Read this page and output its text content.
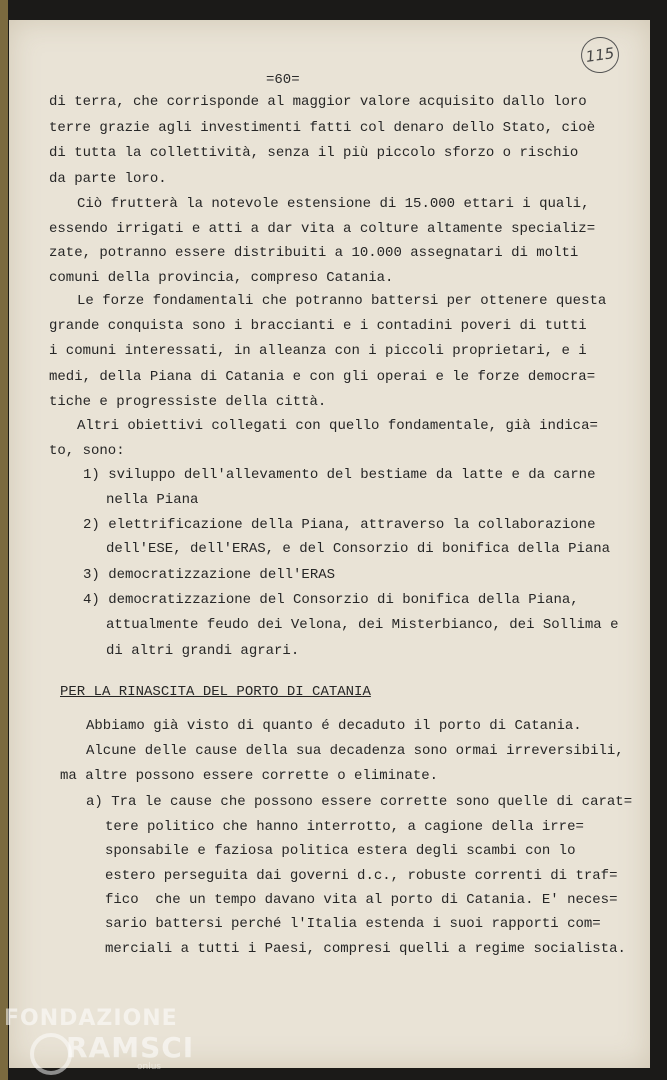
115
=60=
di terra, che corrisponde al maggior valore acquisito dallo loro
terre grazie agli investimenti fatti col denaro dello Stato, cioè
di tutta la collettività, senza il più piccolo sforzo o rischio
da parte loro.
Ciò frutterà la notevole estensione di 15.000 ettari i quali,
essendo irrigati e atti a dar vita a colture altamente specializ=
zate, potranno essere distribuiti a 10.000 assegnatari di molti
comuni della provincia, compreso Catania.
Le forze fondamentali che potranno battersi per ottenere questa
grande conquista sono i braccianti e i contadini poveri di tutti
i comuni interessati, in alleanza con i piccoli proprietari, e i
medi, della Piana di Catania e con gli operai e le forze democra=
tiche e progressiste della città.
Altri obiettivi collegati con quello fondamentale, già indica=
to, sono:
1) sviluppo dell'allevamento del bestiame da latte e da carne
nella Piana
2) elettrificazione della Piana, attraverso la collaborazione
dell'ESE, dell'ERAS, e del Consorzio di bonifica della Piana
3) democratizzazione dell'ERAS
4) democratizzazione del Consorzio di bonifica della Piana,
attualmente feudo dei Velona, dei Misterbianco, dei Sollima e
di altri grandi agrari.
PER LA RINASCITA DEL PORTO DI CATANIA
Abbiamo già visto di quanto é decaduto il porto di Catania.
Alcune delle cause della sua decadenza sono ormai irreversibili,
ma altre possono essere corrette o eliminate.
a) Tra le cause che possono essere corrette sono quelle di carat=
tere politico che hanno interrotto, a cagione della irre=
sponsabile e faziosa politica estera degli scambi con lo
estero perseguita dai governi d.c., robuste correnti di traf=
fico  che un tempo davano vita al porto di Catania. E' neces=
sario battersi perché l'Italia estenda i suoi rapporti com=
merciali a tutti i Paesi, compresi quelli a regime socialista.
FONDAZIONE
RAMSCI
onlus
